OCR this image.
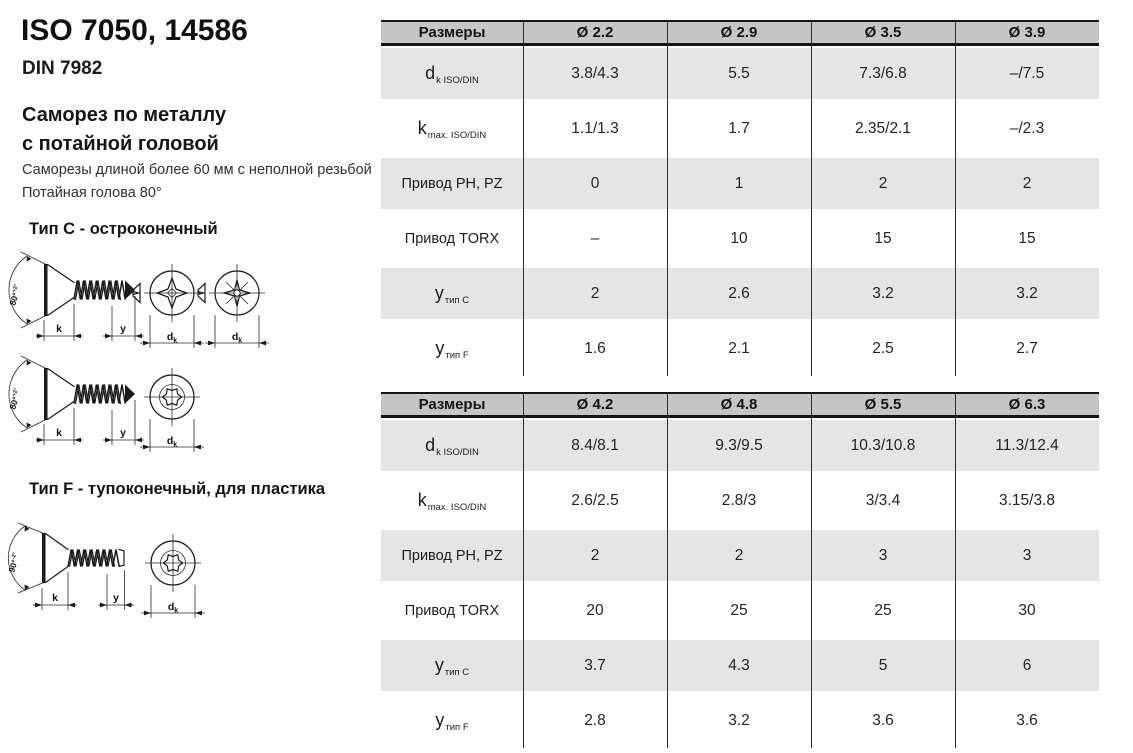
ISO 7050, 14586
DIN 7982
Саморез по металлу
с потайной головой
Саморезы длиной более 60 мм с неполной резьбой
Потайная голова 80°
Тип C - остроконечный
Тип F - тупоконечный, для пластика
80°$^{+2^\circ}$
k	y
$d_k$	$d_k$
80°$^{+2^\circ}$
k	y
$d_k$
90°$^{-2^\circ}$
k	y
$d_k$
Размеры	Ø 2.2	Ø 2.9	Ø 3.5	Ø 3.9
$d_{k ISO/DIN}$	3.8/4.3	5.5	7.3/6.8	–/7.5
$k_{max. ISO/DIN}$	1.1/1.3	1.7	2.35/2.1	–/2.3
Привод PH, PZ	0	1	2	2
Привод TORX	–	10	15	15
$y_{тип C}$	2	2.6	3.2	3.2
$y_{тип F}$	1.6	2.1	2.5	2.7
Размеры	Ø 4.2	Ø 4.8	Ø 5.5	Ø 6.3
$d_{k ISO/DIN}$	8.4/8.1	9.3/9.5	10.3/10.8	11.3/12.4
$k_{max. ISO/DIN}$	2.6/2.5	2.8/3	3/3.4	3.15/3.8
Привод PH, PZ	2	2	3	3
Привод TORX	20	25	25	30
$y_{тип C}$	3.7	4.3	5	6
$y_{тип F}$	2.8	3.2	3.6	3.6
